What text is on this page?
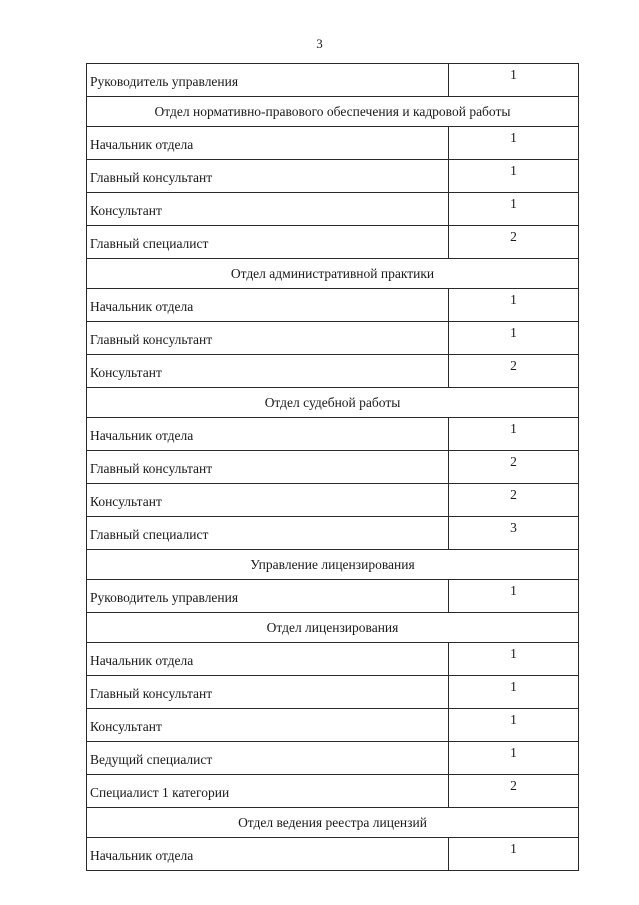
3
Руководитель управления	1
Отдел нормативно-правового обеспечения и кадровой работы	
Начальник отдела	1
Главный консультант	1
Консультант	1
Главный специалист	2
Отдел административной практики	
Начальник отдела	1
Главный консультант	1
Консультант	2
Отдел судебной работы	
Начальник отдела	1
Главный консультант	2
Консультант	2
Главный специалист	3
Управление лицензирования	
Руководитель управления	1
Отдел лицензирования	
Начальник отдела	1
Главный консультант	1
Консультант	1
Ведущий специалист	1
Специалист 1 категории	2
Отдел ведения реестра лицензий	
Начальник отдела	1
